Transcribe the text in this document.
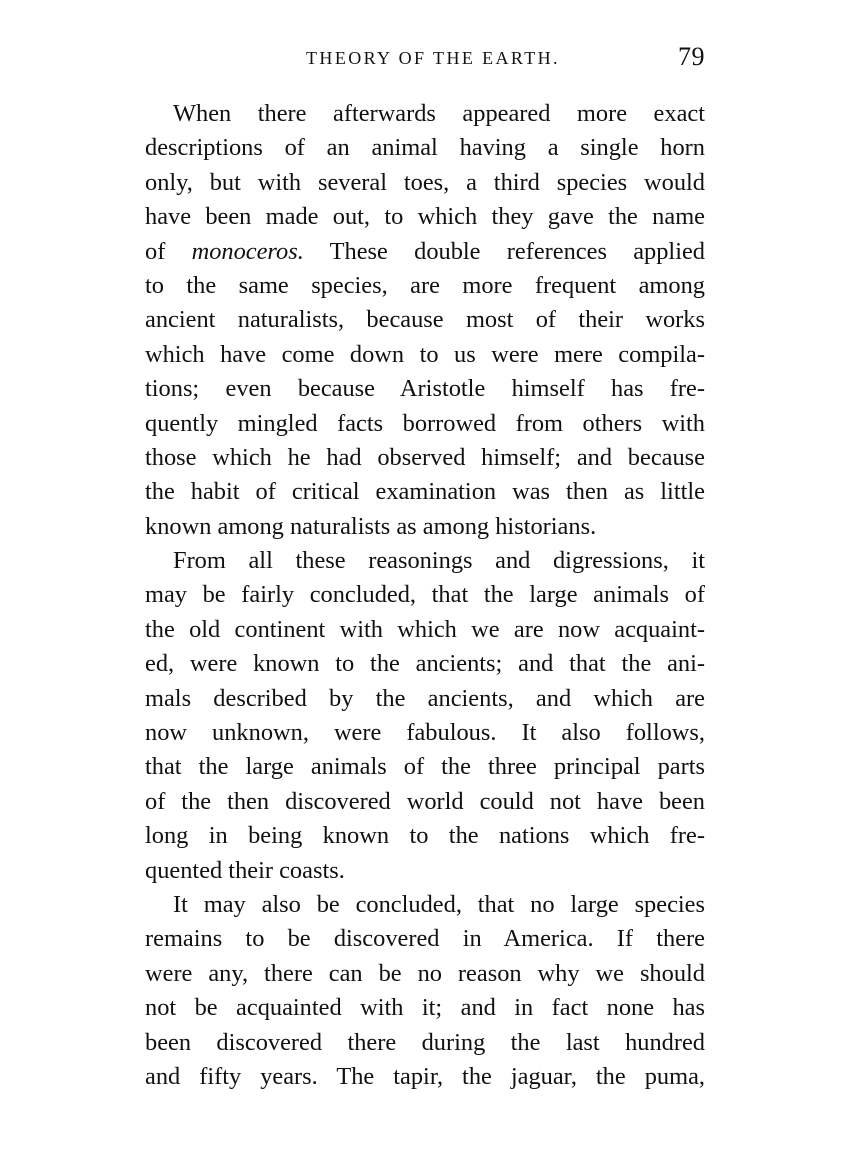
THEORY OF THE EARTH.	79
When there afterwards appeared more exact
descriptions of an animal having a single horn
only, but with several toes, a third species would
have been made out, to which they gave the name
of monoceros. These double references applied
to the same species, are more frequent among
ancient naturalists, because most of their works
which have come down to us were mere compila-
tions; even because Aristotle himself has fre-
quently mingled facts borrowed from others with
those which he had observed himself; and because
the habit of critical examination was then as little
known among naturalists as among historians.
From all these reasonings and digressions, it
may be fairly concluded, that the large animals of
the old continent with which we are now acquaint-
ed, were known to the ancients; and that the ani-
mals described by the ancients, and which are
now unknown, were fabulous. It also follows,
that the large animals of the three principal parts
of the then discovered world could not have been
long in being known to the nations which fre-
quented their coasts.
It may also be concluded, that no large species
remains to be discovered in America. If there
were any, there can be no reason why we should
not be acquainted with it; and in fact none has
been discovered there during the last hundred
and fifty years. The tapir, the jaguar, the puma,
